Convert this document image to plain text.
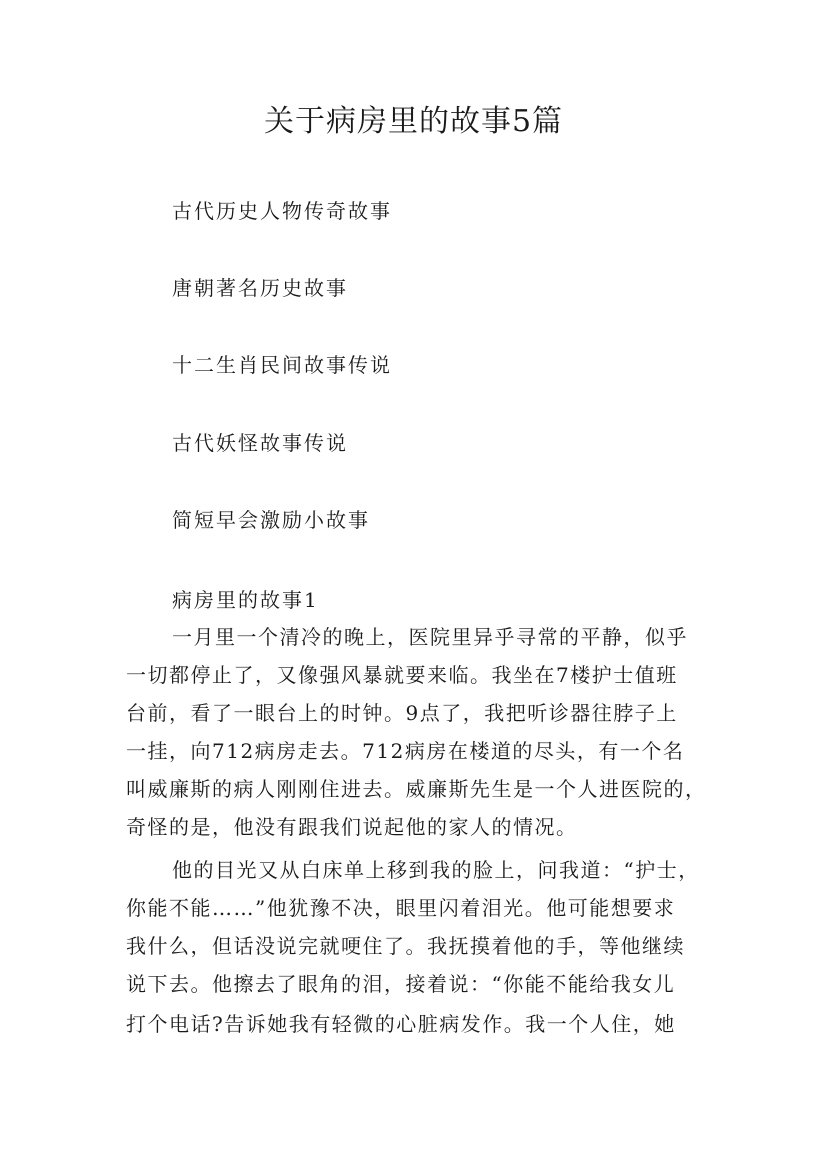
关于病房里的故事5篇
古代历史人物传奇故事
唐朝著名历史故事
十二生肖民间故事传说
古代妖怪故事传说
简短早会激励小故事
病房里的故事1
一月里一个清冷的晚上，医院里异乎寻常的平静，似乎
一切都停止了，又像强风暴就要来临。我坐在7楼护士值班
台前，看了一眼台上的时钟。9点了，我把听诊器往脖子上
一挂，向712病房走去。712病房在楼道的尽头，有一个名
叫威廉斯的病人刚刚住进去。威廉斯先生是一个人进医院的，
奇怪的是，他没有跟我们说起他的家人的情况。
他的目光又从白床单上移到我的脸上，问我道：“护士，
你能不能……”他犹豫不决，眼里闪着泪光。他可能想要求
我什么，但话没说完就哽住了。我抚摸着他的手，等他继续
说下去。他擦去了眼角的泪，接着说：“你能不能给我女儿
打个电话?告诉她我有轻微的心脏病发作。我一个人住，她
